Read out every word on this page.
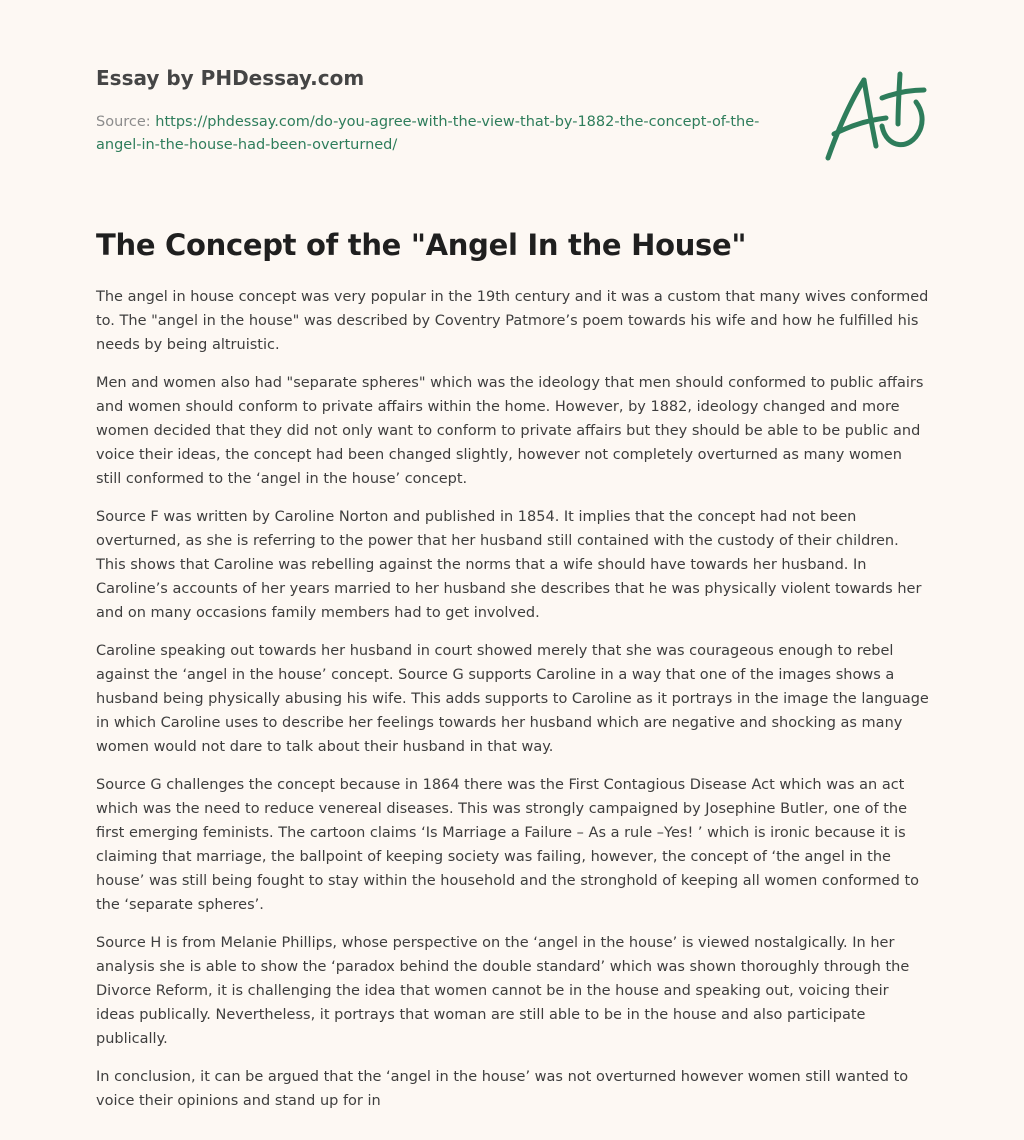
Essay by PHDessay.com
Source: https://phdessay.com/do-you-agree-with-the-view-that-by-1882-the-concept-of-the-angel-in-the-house-had-been-overturned/
The Concept of the "Angel In the House"

The angel in house concept was very popular in the 19th century and it was a custom that many wives conformed to. The "angel in the house" was described by Coventry Patmore’s poem towards his wife and how he fulfilled his needs by being altruistic.

Men and women also had "separate spheres" which was the ideology that men should conformed to public affairs and women should conform to private affairs within the home. However, by 1882, ideology changed and more women decided that they did not only want to conform to private affairs but they should be able to be public and voice their ideas, the concept had been changed slightly, however not completely overturned as many women still conformed to the ‘angel in the house’ concept.

Source F was written by Caroline Norton and published in 1854. It implies that the concept had not been overturned, as she is referring to the power that her husband still contained with the custody of their children. This shows that Caroline was rebelling against the norms that a wife should have towards her husband. In Caroline’s accounts of her years married to her husband she describes that he was physically violent towards her and on many occasions family members had to get involved.

Caroline speaking out towards her husband in court showed merely that she was courageous enough to rebel against the ‘angel in the house’ concept. Source G supports Caroline in a way that one of the images shows a husband being physically abusing his wife. This adds supports to Caroline as it portrays in the image the language in which Caroline uses to describe her feelings towards her husband which are negative and shocking as many women would not dare to talk about their husband in that way.

Source G challenges the concept because in 1864 there was the First Contagious Disease Act which was an act which was the need to reduce venereal diseases. This was strongly campaigned by Josephine Butler, one of the first emerging feminists. The cartoon claims ‘Is Marriage a Failure – As a rule –Yes! ’ which is ironic because it is claiming that marriage, the ballpoint of keeping society was failing, however, the concept of ‘the angel in the house’ was still being fought to stay within the household and the stronghold of keeping all women conformed to the ‘separate spheres’.

Source H is from Melanie Phillips, whose perspective on the ‘angel in the house’ is viewed nostalgically. In her analysis she is able to show the ‘paradox behind the double standard’ which was shown thoroughly through the Divorce Reform, it is challenging the idea that women cannot be in the house and speaking out, voicing their ideas publically. Nevertheless, it portrays that woman are still able to be in the house and also participate publically.

In conclusion, it can be argued that the ‘angel in the house’ was not overturned however women still wanted to voice their opinions and stand up for in
